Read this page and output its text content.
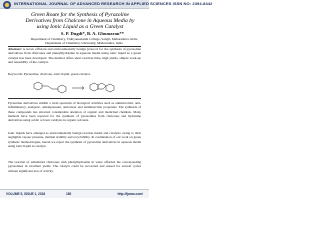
INTERNATIONAL JOURNAL OF ADVANCED RESEARCH IN APPLIED SCIENCES ISSN NO: 2394-8442
Green Route for the Synthesis of Pyrazoline Derivatives from Chalcone in Aqueous Media by using Ionic Liquid as a Green Catalyst
S. P. Dugdi*, B. A. Ghumaran**
Department of Chemistry, Vidnyaneekashi College, Sangli, Maharashtra, India
Department of Chemistry, University, Maharashtra, India
Abstract: A novel, efficient and environmentally benign protocol for the synthesis of pyrazoline derivatives from chalcones and phenylhydrazine in aqueous media using ionic liquid as a green catalyst has been developed. The method offers short reaction time, high yields, simple work-up and reusability of the catalyst.
Keywords: Pyrazoline, chalcone, ionic liquid, green catalyst.
Pyrazoline derivatives exhibit a wide spectrum of biological activities such as antimicrobial, anti-inflammatory, analgesic, antidepressant, anticancer and antitubercular properties. The synthesis of these compounds has attracted considerable attention of organic and medicinal chemists. Many methods have been reported for the synthesis of pyrazolines from chalcones and hydrazine derivatives using acidic or basic catalysts in organic solvents.
Ionic liquids have emerged as environmentally benign reaction media and catalysts owing to their negligible vapour pressure, thermal stability and recyclability. In continuation of our work on green synthetic methodologies, herein we report the synthesis of pyrazoline derivatives in aqueous media using ionic liquid as catalyst.
The reaction of substituted chalcones with phenylhydrazine in water afforded the corresponding pyrazolines in excellent yields. The catalyst could be recovered and reused for several cycles without significant loss of activity.
VOLUME 5, ISSUE 1, 2018	180	http://ijaras.com/
